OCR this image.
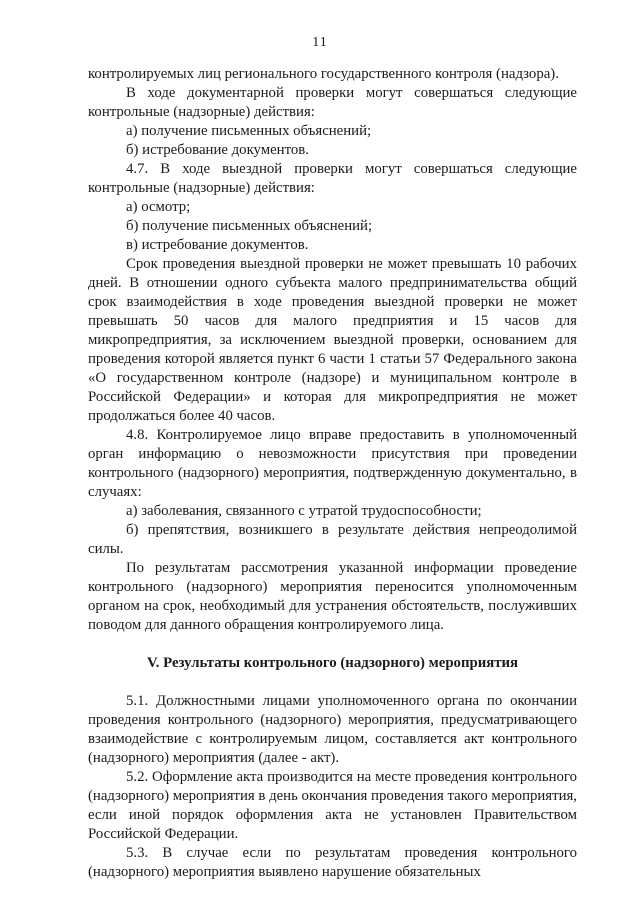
11

контролируемых лиц регионального государственного контроля (надзора).

В ходе документарной проверки могут совершаться следующие контрольные (надзорные) действия:

а) получение письменных объяснений;

б) истребование документов.

4.7. В ходе выездной проверки могут совершаться следующие контрольные (надзорные) действия:

а) осмотр;

б) получение письменных объяснений;

в) истребование документов.

Срок проведения выездной проверки не может превышать 10 рабочих дней. В отношении одного субъекта малого предпринимательства общий срок взаимодействия в ходе проведения выездной проверки не может превышать 50 часов для малого предприятия и 15 часов для микропредприятия, за исключением выездной проверки, основанием для проведения которой является пункт 6 части 1 статьи 57 Федерального закона «О государственном контроле (надзоре) и муниципальном контроле в Российской Федерации» и которая для микропредприятия не может продолжаться более 40 часов.

4.8. Контролируемое лицо вправе предоставить в уполномоченный орган информацию о невозможности присутствия при проведении контрольного (надзорного) мероприятия, подтвержденную документально, в случаях:

а) заболевания, связанного с утратой трудоспособности;

б) препятствия, возникшего в результате действия непреодолимой силы.

По результатам рассмотрения указанной информации проведение контрольного (надзорного) мероприятия переносится уполномоченным органом на срок, необходимый для устранения обстоятельств, послуживших поводом для данного обращения контролируемого лица.

V. Результаты контрольного (надзорного) мероприятия

5.1. Должностными лицами уполномоченного органа по окончании проведения контрольного (надзорного) мероприятия, предусматривающего взаимодействие с контролируемым лицом, составляется акт контрольного (надзорного) мероприятия (далее - акт).

5.2. Оформление акта производится на месте проведения контрольного (надзорного) мероприятия в день окончания проведения такого мероприятия, если иной порядок оформления акта не установлен Правительством Российской Федерации.

5.3. В случае если по результатам проведения контрольного (надзорного) мероприятия выявлено нарушение обязательных
